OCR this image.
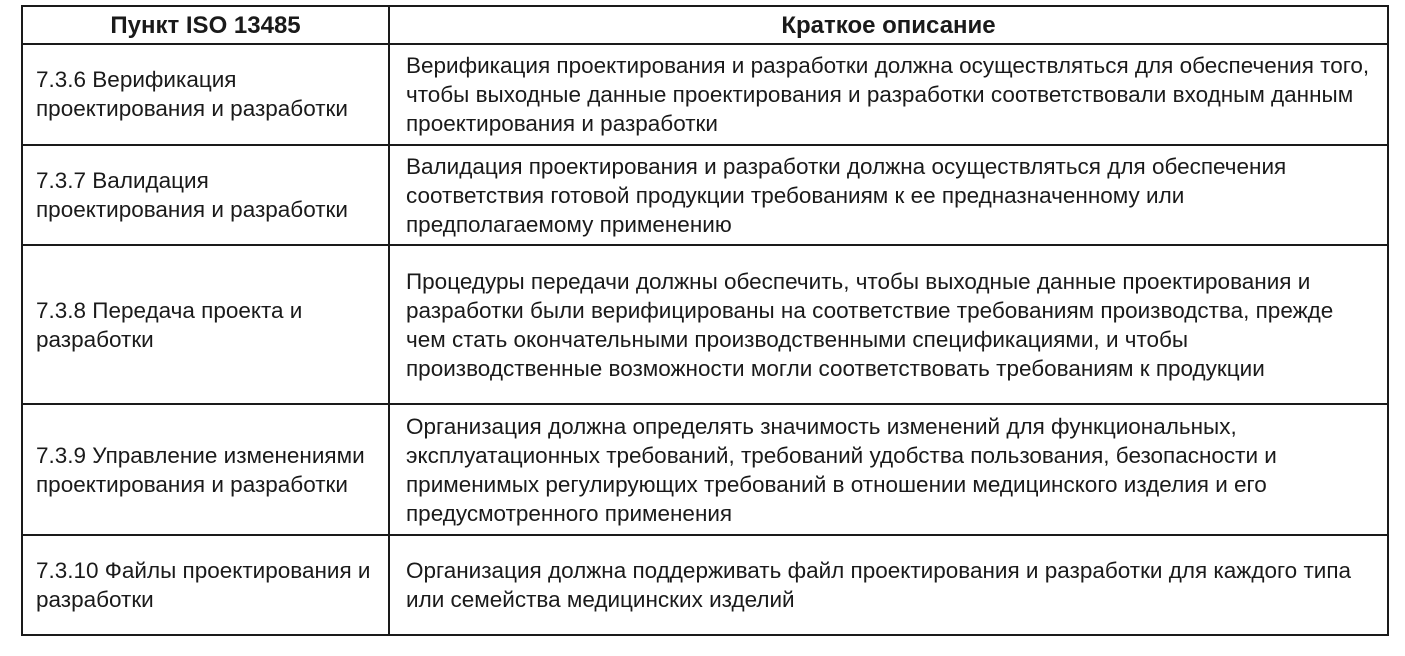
Пункт ISO 13485	Краткое описание
7.3.6 Верификация проектирования и разработки	Верификация проектирования и разработки должна осуществляться для обеспечения того, чтобы выходные данные проектирования и разработки соответствовали входным данным проектирования и разработки
7.3.7 Валидация проектирования и разработки	Валидация проектирования и разработки должна осуществляться для обеспечения соответствия готовой продукции требованиям к ее предназначенному или предполагаемому применению
7.3.8 Передача проекта и разработки	Процедуры передачи должны обеспечить, чтобы выходные данные проектирования и разработки были верифицированы на соответствие требованиям производства, прежде чем стать окончательными производственными спецификациями, и чтобы производственные возможности могли соответствовать требованиям к продукции
7.3.9 Управление изменениями проектирования и разработки	Организация должна определять значимость изменений для функциональных, эксплуатационных требований, требований удобства пользования, безопасности и применимых регулирующих требований в отношении медицинского изделия и его предусмотренного применения
7.3.10 Файлы проектирования и разработки	Организация должна поддерживать файл проектирования и разработки для каждого типа или семейства медицинских изделий
